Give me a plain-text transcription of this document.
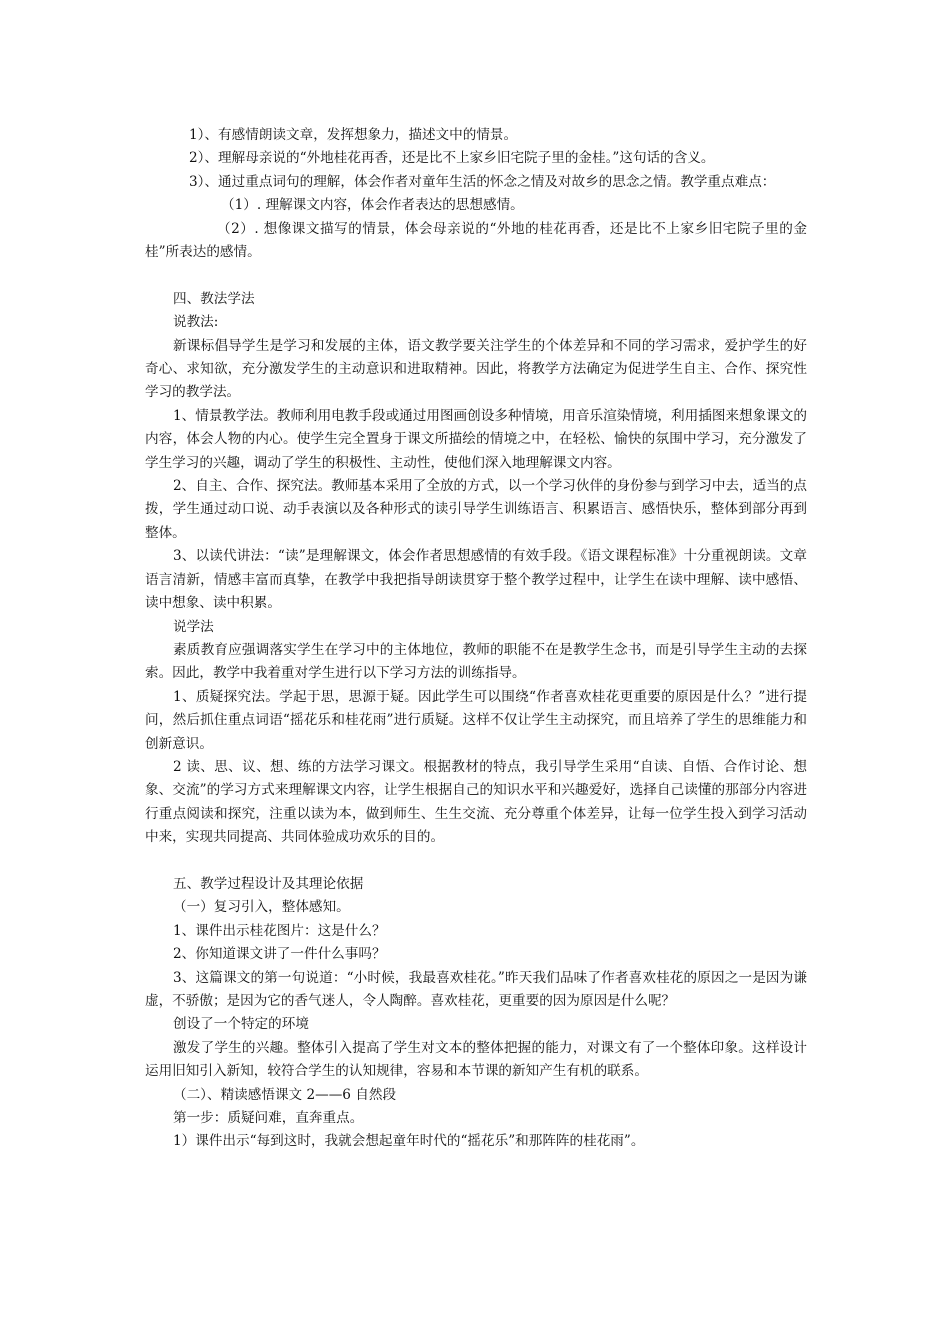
1）、有感情朗读文章，发挥想象力，描述文中的情景。

2）、理解母亲说的“外地桂花再香，还是比不上家乡旧宅院子里的金桂。”这句话的含义。

3）、通过重点词句的理解，体会作者对童年生活的怀念之情及对故乡的思念之情。教学重点难点：

（1）. 理解课文内容，体会作者表达的思想感情。

（2）. 想像课文描写的情景，体会母亲说的“外地的桂花再香，还是比不上家乡旧宅院子里的金桂”所表达的感情。

四、教法学法

说教法:

新课标倡导学生是学习和发展的主体，语文教学要关注学生的个体差异和不同的学习需求，爱护学生的好奇心、求知欲，充分激发学生的主动意识和进取精神。因此，将教学方法确定为促进学生自主、合作、探究性学习的教学法。

1、情景教学法。教师利用电教手段或通过用图画创设多种情境，用音乐渲染情境，利用插图来想象课文的内容，体会人物的内心。使学生完全置身于课文所描绘的情境之中，在轻松、愉快的氛围中学习，充分激发了学生学习的兴趣，调动了学生的积极性、主动性，使他们深入地理解课文内容。

2、自主、合作、探究法。教师基本采用了全放的方式，以一个学习伙伴的身份参与到学习中去，适当的点拨，学生通过动口说、动手表演以及各种形式的读引导学生训练语言、积累语言、感悟快乐，整体到部分再到整体。

3、以读代讲法：“读”是理解课文，体会作者思想感情的有效手段。《语文课程标准》十分重视朗读。文章语言清新，情感丰富而真挚，在教学中我把指导朗读贯穿于整个教学过程中，让学生在读中理解、读中感悟、读中想象、读中积累。

说学法

素质教育应强调落实学生在学习中的主体地位，教师的职能不在是教学生念书，而是引导学生主动的去探索。因此，教学中我着重对学生进行以下学习方法的训练指导。

1、质疑探究法。学起于思，思源于疑。因此学生可以围绕“作者喜欢桂花更重要的原因是什么？”进行提问，然后抓住重点词语“摇花乐和桂花雨”进行质疑。这样不仅让学生主动探究，而且培养了学生的思维能力和创新意识。

2 读、思、议、想、练的方法学习课文。根据教材的特点，我引导学生采用“自读、自悟、合作讨论、想象、交流”的学习方式来理解课文内容，让学生根据自己的知识水平和兴趣爱好，选择自己读懂的那部分内容进行重点阅读和探究，注重以读为本，做到师生、生生交流、充分尊重个体差异，让每一位学生投入到学习活动中来，实现共同提高、共同体验成功欢乐的目的。

五、教学过程设计及其理论依据

（一）复习引入，整体感知。

1、课件出示桂花图片：这是什么？

2、你知道课文讲了一件什么事吗？

3、这篇课文的第一句说道：“小时候，我最喜欢桂花。”昨天我们品味了作者喜欢桂花的原因之一是因为谦虚，不骄傲；是因为它的香气迷人，令人陶醉。喜欢桂花，更重要的因为原因是什么呢？

创设了一个特定的环境

激发了学生的兴趣。整体引入提高了学生对文本的整体把握的能力，对课文有了一个整体印象。这样设计运用旧知引入新知，较符合学生的认知规律，容易和本节课的新知产生有机的联系。

（二）、精读感悟课文 2——6 自然段

第一步：质疑问难，直奔重点。

1）课件出示“每到这时，我就会想起童年时代的“摇花乐”和那阵阵的桂花雨”。
